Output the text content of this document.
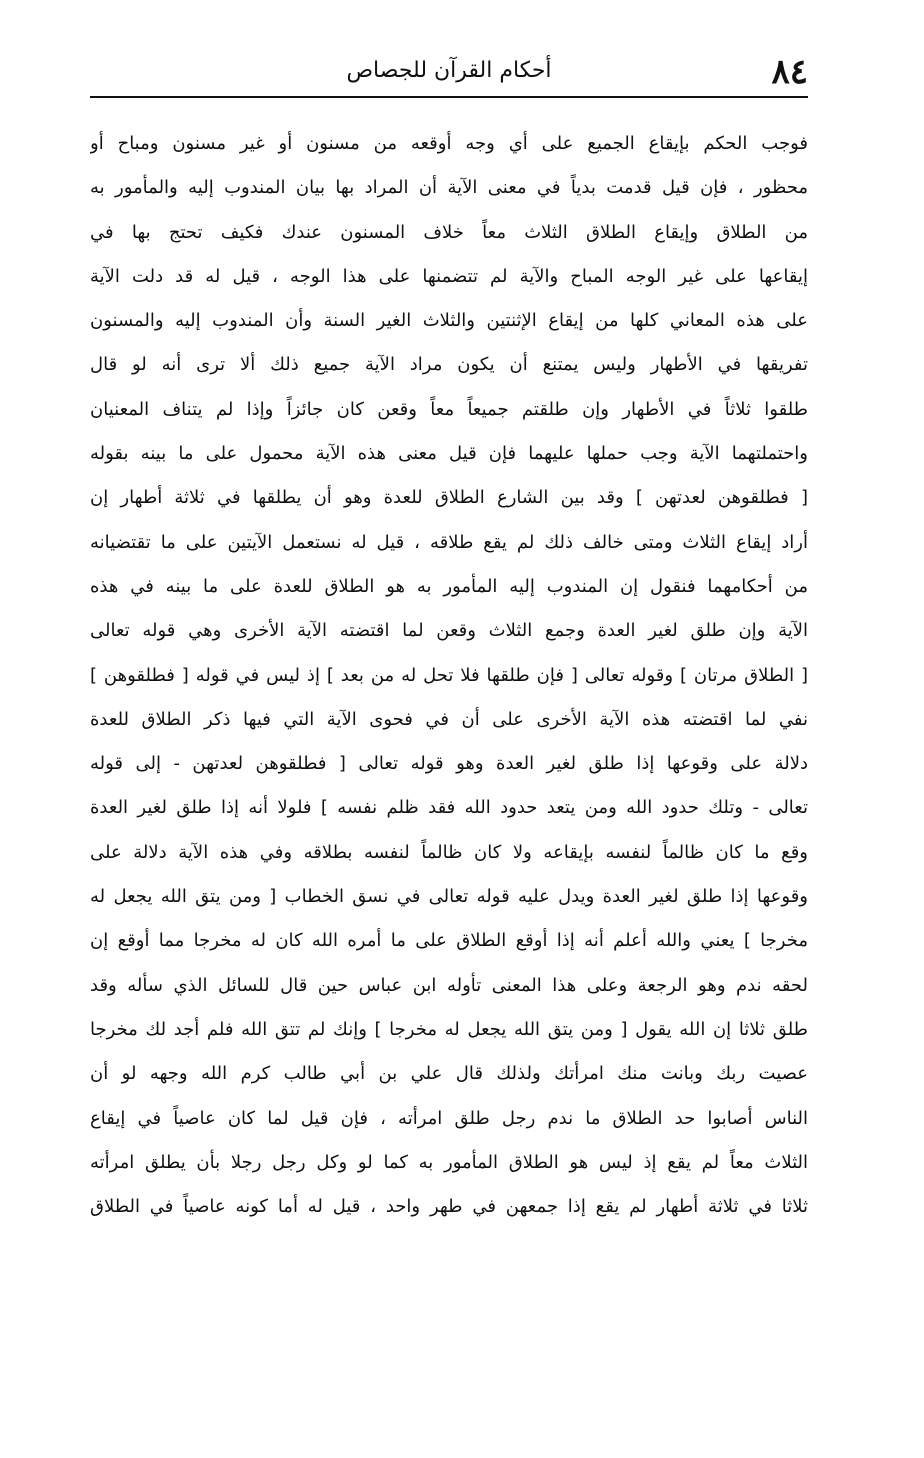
٨٤
أحكام القرآن للجصاص
فوجب الحكم بإيقاع الجميع على أي وجه أوقعه من مسنون أو غير مسنون ومباح أو
محظور ، فإن قيل قدمت بدياً في معنى الآية أن المراد بها بيان المندوب إليه والمأمور به
من الطلاق وإيقاع الطلاق الثلاث معاً خلاف المسنون عندك فكيف تحتج بها في
إيقاعها على غير الوجه المباح والآية لم تتضمنها على هذا الوجه ، قيل له قد دلت الآية
على هذه المعاني كلها من إيقاع الإثنتين والثلاث الغير السنة وأن المندوب إليه والمسنون
تفريقها في الأطهار وليس يمتنع أن يكون مراد الآية جميع ذلك ألا ترى أنه لو قال
طلقوا ثلاثاً في الأطهار وإن طلقتم جميعاً معاً وقعن كان جائزاً وإذا لم يتناف المعنيان
واحتملتهما الآية وجب حملها عليهما فإن قيل معنى هذه الآية محمول على ما بينه بقوله
[ فطلقوهن لعدتهن ] وقد بين الشارع الطلاق للعدة وهو أن يطلقها في ثلاثة أطهار إن
أراد إيقاع الثلاث ومتى خالف ذلك لم يقع طلاقه ، قيل له نستعمل الآيتين على ما تقتضيانه
من أحكامهما فنقول إن المندوب إليه المأمور به هو الطلاق للعدة على ما بينه في هذه
الآية وإن طلق لغير العدة وجمع الثلاث وقعن لما اقتضته الآية الأخرى وهي قوله تعالى
[ الطلاق مرتان ] وقوله تعالى [ فإن طلقها فلا تحل له من بعد ] إذ ليس في قوله [ فطلقوهن ]
نفي لما اقتضته هذه الآية الأخرى على أن في فحوى الآية التي فيها ذكر الطلاق للعدة
دلالة على وقوعها إذا طلق لغير العدة وهو قوله تعالى [ فطلقوهن لعدتهن - إلى قوله
تعالى - وتلك حدود الله ومن يتعد حدود الله فقد ظلم نفسه ] فلولا أنه إذا طلق لغير العدة
وقع ما كان ظالماً لنفسه بإيقاعه ولا كان ظالماً لنفسه بطلاقه وفي هذه الآية دلالة على
وقوعها إذا طلق لغير العدة ويدل عليه قوله تعالى في نسق الخطاب [ ومن يتق الله يجعل له
مخرجا ] يعني والله أعلم أنه إذا أوقع الطلاق على ما أمره الله كان له مخرجا مما أوقع إن
لحقه ندم وهو الرجعة وعلى هذا المعنى تأوله ابن عباس حين قال للسائل الذي سأله وقد
طلق ثلاثا إن الله يقول [ ومن يتق الله يجعل له مخرجا ] وإنك لم تتق الله فلم أجد لك مخرجا
عصيت ربك وبانت منك امرأتك ولذلك قال علي بن أبي طالب كرم الله وجهه لو أن
الناس أصابوا حد الطلاق ما ندم رجل طلق امرأته ، فإن قيل لما كان عاصياً في إيقاع
الثلاث معاً لم يقع إذ ليس هو الطلاق المأمور به كما لو وكل رجل رجلا بأن يطلق امرأته
ثلاثا في ثلاثة أطهار لم يقع إذا جمعهن في طهر واحد ، قيل له أما كونه عاصياً في الطلاق
